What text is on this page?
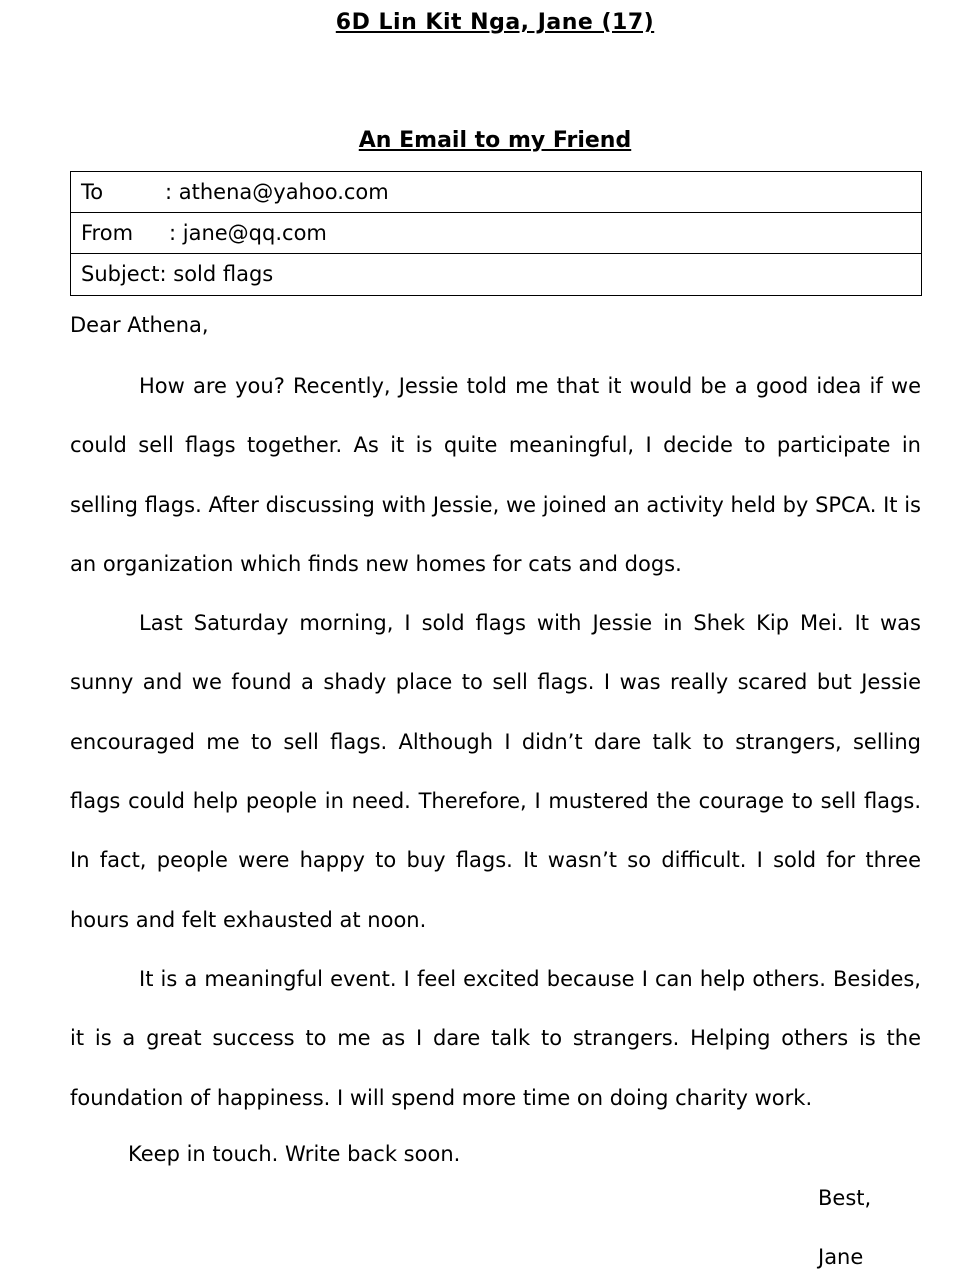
6D Lin Kit Nga, Jane (17)
An Email to my Friend
To	: athena@yahoo.com
From : jane@qq.com
Subject: sold flags
Dear Athena,

How are you? Recently, Jessie told me that it would be a good idea if we could sell flags together. As it is quite meaningful, I decide to participate in selling flags. After discussing with Jessie, we joined an activity held by SPCA. It is an organization which finds new homes for cats and dogs.

Last Saturday morning, I sold flags with Jessie in Shek Kip Mei. It was sunny and we found a shady place to sell flags. I was really scared but Jessie encouraged me to sell flags. Although I didn’t dare talk to strangers, selling flags could help people in need. Therefore, I mustered the courage to sell flags. In fact, people were happy to buy flags. It wasn’t so difficult. I sold for three hours and felt exhausted at noon.

It is a meaningful event. I feel excited because I can help others. Besides, it is a great success to me as I dare talk to strangers. Helping others is the foundation of happiness. I will spend more time on doing charity work.

Keep in touch. Write back soon.
Best,
Jane
